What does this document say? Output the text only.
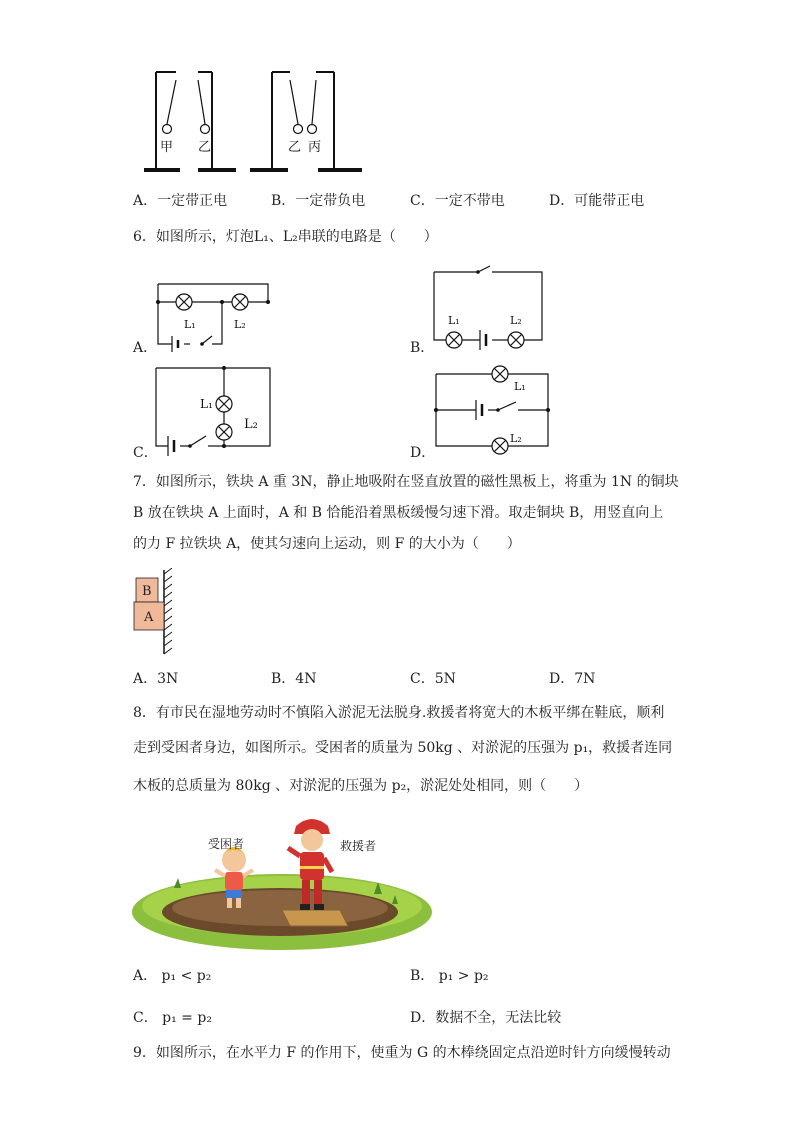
甲 乙	乙 丙
A．一定带正电	B．一定带负电	C．一定不带电	D．可能带正电
6．如图所示，灯泡L₁、L₂串联的电路是（　　）
A．
L₁	L₂
B．
L₁	L₂
C．
L₁
L₂
D．
L₁
L₂
7．如图所示，铁块 A 重 3N，静止地吸附在竖直放置的磁性黑板上，将重为 1N 的铜块
B 放在铁块 A 上面时，A 和 B 恰能沿着黑板缓慢匀速下滑。取走铜块 B，用竖直向上
的力 F 拉铁块 A，使其匀速向上运动，则 F 的大小为（　　）
B
A
A．3N	B．4N	C．5N	D．7N
8．有市民在湿地劳动时不慎陷入淤泥无法脱身.救援者将宽大的木板平绑在鞋底，顺利
走到受困者身边，如图所示。受困者的质量为 50kg 、对淤泥的压强为 p₁，救援者连同
木板的总质量为 80kg 、对淤泥的压强为 p₂，淤泥处处相同，则（　　）
受困者	救援者
A． p₁ < p₂	B． p₁ > p₂
C． p₁ = p₂	D．数据不全，无法比较
9．如图所示，在水平力 F 的作用下，使重为 G 的木棒绕固定点沿逆时针方向缓慢转动
